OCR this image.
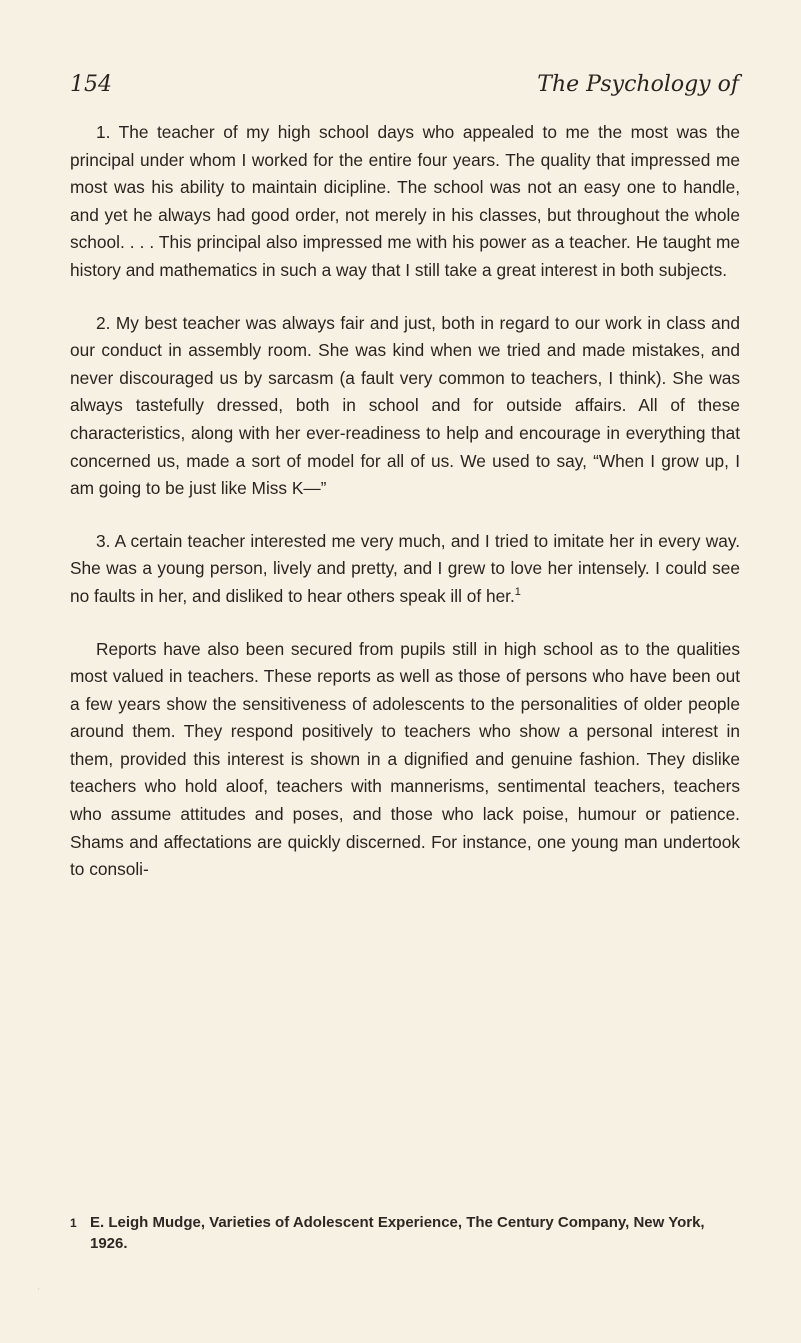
154	The Psychology of

1. The teacher of my high school days who appealed to me the most was the principal under whom I worked for the entire four years. The quality that impressed me most was his ability to maintain dicipline. The school was not an easy one to handle, and yet he always had good order, not merely in his classes, but throughout the whole school. . . . This principal also impressed me with his power as a teacher. He taught me history and mathematics in such a way that I still take a great interest in both subjects.

2. My best teacher was always fair and just, both in regard to our work in class and our conduct in assembly room. She was kind when we tried and made mistakes, and never discouraged us by sarcasm (a fault very common to teachers, I think). She was always tastefully dressed, both in school and for outside affairs. All of these characteristics, along with her ever-readiness to help and encourage in everything that concerned us, made a sort of model for all of us. We used to say, “When I grow up, I am going to be just like Miss K—”

3. A certain teacher interested me very much, and I tried to imitate her in every way. She was a young person, lively and pretty, and I grew to love her intensely. I could see no faults in her, and disliked to hear others speak ill of her.$^1$

Reports have also been secured from pupils still in high school as to the qualities most valued in teachers. These reports as well as those of persons who have been out a few years show the sensitiveness of adolescents to the personalities of older people around them. They respond positively to teachers who show a personal interest in them, provided this interest is shown in a dignified and genuine fashion. They dislike teachers who hold aloof, teachers with mannerisms, sentimental teachers, teachers who assume attitudes and poses, and those who lack poise, humour or patience. Shams and affectations are quickly discerned. For instance, one young man undertook to consoli-

1 E. Leigh Mudge, Varieties of Adolescent Experience, The Century Company, New York, 1926.
